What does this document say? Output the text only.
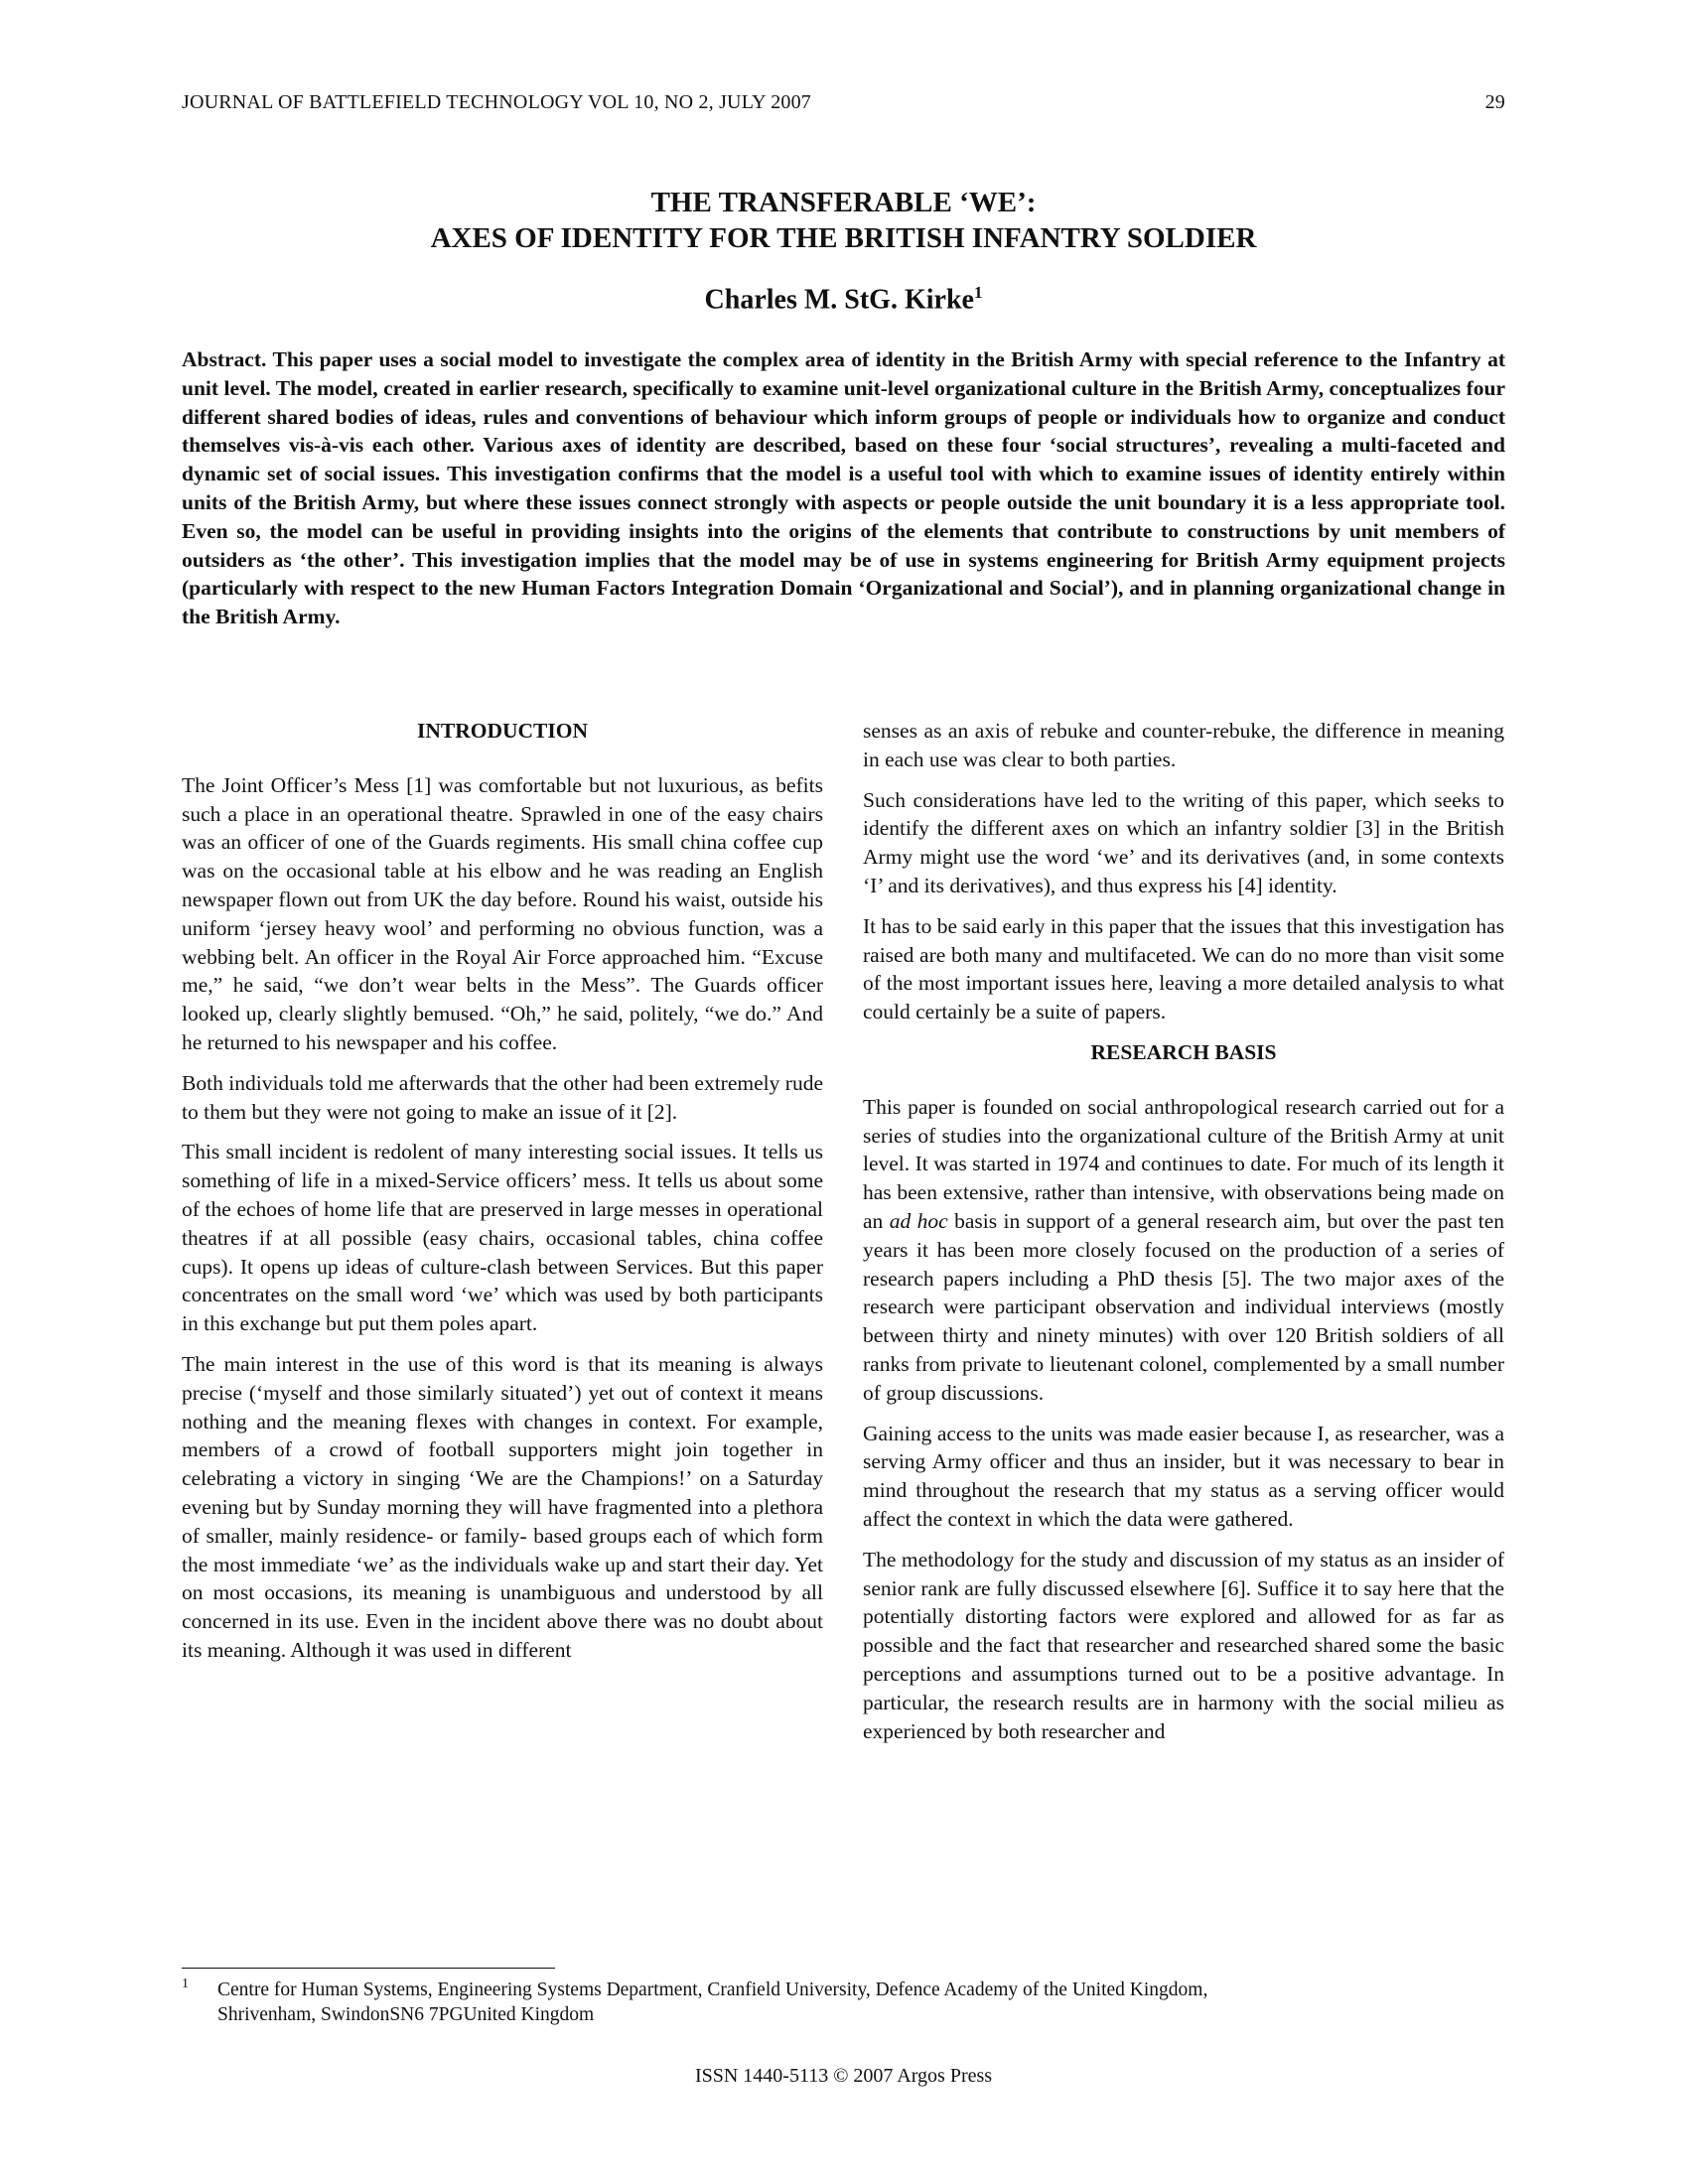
JOURNAL OF BATTLEFIELD TECHNOLOGY VOL 10, NO 2, JULY 2007	29
THE TRANSFERABLE ‘WE’:
AXES OF IDENTITY FOR THE BRITISH INFANTRY SOLDIER
Charles M. StG. Kirke$^1$
Abstract. This paper uses a social model to investigate the complex area of identity in the British Army with special reference to the Infantry at unit level. The model, created in earlier research, specifically to examine unit-level organizational culture in the British Army, conceptualizes four different shared bodies of ideas, rules and conventions of behaviour which inform groups of people or individuals how to organize and conduct themselves vis-à-vis each other. Various axes of identity are described, based on these four ‘social structures’, revealing a multi-faceted and dynamic set of social issues. This investigation confirms that the model is a useful tool with which to examine issues of identity entirely within units of the British Army, but where these issues connect strongly with aspects or people outside the unit boundary it is a less appropriate tool. Even so, the model can be useful in providing insights into the origins of the elements that contribute to constructions by unit members of outsiders as ‘the other’. This investigation implies that the model may be of use in systems engineering for British Army equipment projects (particularly with respect to the new Human Factors Integration Domain ‘Organizational and Social’), and in planning organizational change in the British Army.
INTRODUCTION

The Joint Officer’s Mess [1] was comfortable but not luxurious, as befits such a place in an operational theatre. Sprawled in one of the easy chairs was an officer of one of the Guards regiments. His small china coffee cup was on the occasional table at his elbow and he was reading an English newspaper flown out from UK the day before. Round his waist, outside his uniform ‘jersey heavy wool’ and performing no obvious function, was a webbing belt. An officer in the Royal Air Force approached him. “Excuse me,” he said, “we don’t wear belts in the Mess”. The Guards officer looked up, clearly slightly bemused. “Oh,” he said, politely, “we do.” And he returned to his newspaper and his coffee.

Both individuals told me afterwards that the other had been extremely rude to them but they were not going to make an issue of it [2].

This small incident is redolent of many interesting social issues. It tells us something of life in a mixed-Service officers’ mess. It tells us about some of the echoes of home life that are preserved in large messes in operational theatres if at all possible (easy chairs, occasional tables, china coffee cups). It opens up ideas of culture-clash between Services. But this paper concentrates on the small word ‘we’ which was used by both participants in this exchange but put them poles apart.

The main interest in the use of this word is that its meaning is always precise (‘myself and those similarly situated’) yet out of context it means nothing and the meaning flexes with changes in context. For example, members of a crowd of football supporters might join together in celebrating a victory in singing ‘We are the Champions!’ on a Saturday evening but by Sunday morning they will have fragmented into a plethora of smaller, mainly residence- or family- based groups each of which form the most immediate ‘we’ as the individuals wake up and start their day. Yet on most occasions, its meaning is unambiguous and understood by all concerned in its use. Even in the incident above there was no doubt about its meaning. Although it was used in different

senses as an axis of rebuke and counter-rebuke, the difference in meaning in each use was clear to both parties.

Such considerations have led to the writing of this paper, which seeks to identify the different axes on which an infantry soldier [3] in the British Army might use the word ‘we’ and its derivatives (and, in some contexts ‘I’ and its derivatives), and thus express his [4] identity.

It has to be said early in this paper that the issues that this investigation has raised are both many and multifaceted. We can do no more than visit some of the most important issues here, leaving a more detailed analysis to what could certainly be a suite of papers.

RESEARCH BASIS

This paper is founded on social anthropological research carried out for a series of studies into the organizational culture of the British Army at unit level. It was started in 1974 and continues to date. For much of its length it has been extensive, rather than intensive, with observations being made on an ad hoc basis in support of a general research aim, but over the past ten years it has been more closely focused on the production of a series of research papers including a PhD thesis [5]. The two major axes of the research were participant observation and individual interviews (mostly between thirty and ninety minutes) with over 120 British soldiers of all ranks from private to lieutenant colonel, complemented by a small number of group discussions.

Gaining access to the units was made easier because I, as researcher, was a serving Army officer and thus an insider, but it was necessary to bear in mind throughout the research that my status as a serving officer would affect the context in which the data were gathered.

The methodology for the study and discussion of my status as an insider of senior rank are fully discussed elsewhere [6]. Suffice it to say here that the potentially distorting factors were explored and allowed for as far as possible and the fact that researcher and researched shared some the basic perceptions and assumptions turned out to be a positive advantage. In particular, the research results are in harmony with the social milieu as experienced by both researcher and

1	Centre for Human Systems, Engineering Systems Department, Cranfield University, Defence Academy of the United Kingdom,
Shrivenham, SwindonSN6 7PGUnited Kingdom
ISSN 1440-5113 © 2007 Argos Press
